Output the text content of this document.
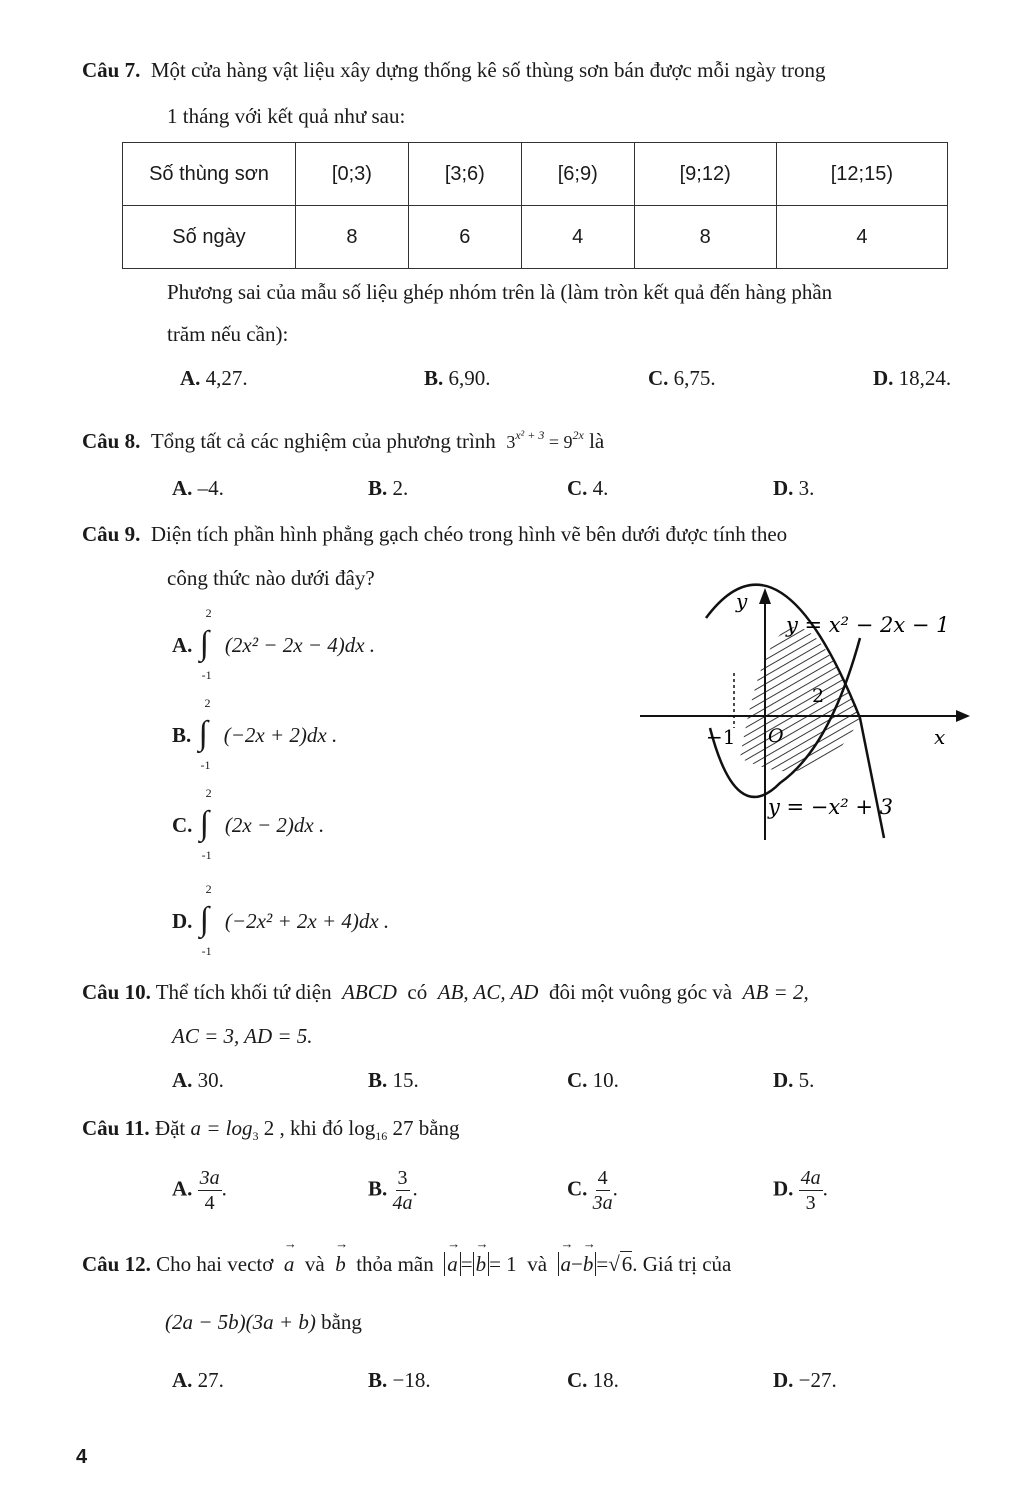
Câu 7. Một cửa hàng vật liệu xây dựng thống kê số thùng sơn bán được mỗi ngày trong
1 tháng với kết quả như sau:
Số thùng sơn	[0;3)	[3;6)	[6;9)	[9;12)	[12;15)
Số ngày	8	6	4	8	4
Phương sai của mẫu số liệu ghép nhóm trên là (làm tròn kết quả đến hàng phần
trăm nếu cần):
A. 4,27.	B. 6,90.	C. 6,75.	D. 18,24.
Câu 8. Tổng tất cả các nghiệm của phương trình $3^{x^2 + 3} = 9^{2x}$ là
A. –4.	B. 2.	C. 4.	D. 3.
Câu 9. Diện tích phần hình phẳng gạch chéo trong hình vẽ bên dưới được tính theo
công thức nào dưới đây?
A. ∫
2
-1
(2x² − 2x − 4)dx .
B. ∫
2
-1
(−2x + 2)dx .
C. ∫
2
-1
(2x − 2)dx .
D. ∫
2
-1
(−2x² + 2x + 4)dx .
y
x
y = x² − 2x − 1
y = −x² + 3
2
−1 O
Câu 10. Thể tích khối tứ diện ABCD có AB, AC, AD đôi một vuông góc và AB = 2,
AC = 3, AD = 5.
A. 30.	B. 15.	C. 10.	D. 5.
Câu 11. Đặt $a = \log_3 2$ , khi đó $\log_{16} 27$ bằng
A. $\frac{3a}{4}$ .	B. $\frac{3}{4a}$ .	C. $\frac{4}{3a}$ .	D. $\frac{4a}{3}$ .
Câu 12. Cho hai vectơ → a và → b thỏa mãn → a = → b = 1 và → a−→ b =√6. Giá trị của
(2a − 5b)(3a + b) bằng
A. 27.	B. −18.	C. 18.	D. −27.
4
